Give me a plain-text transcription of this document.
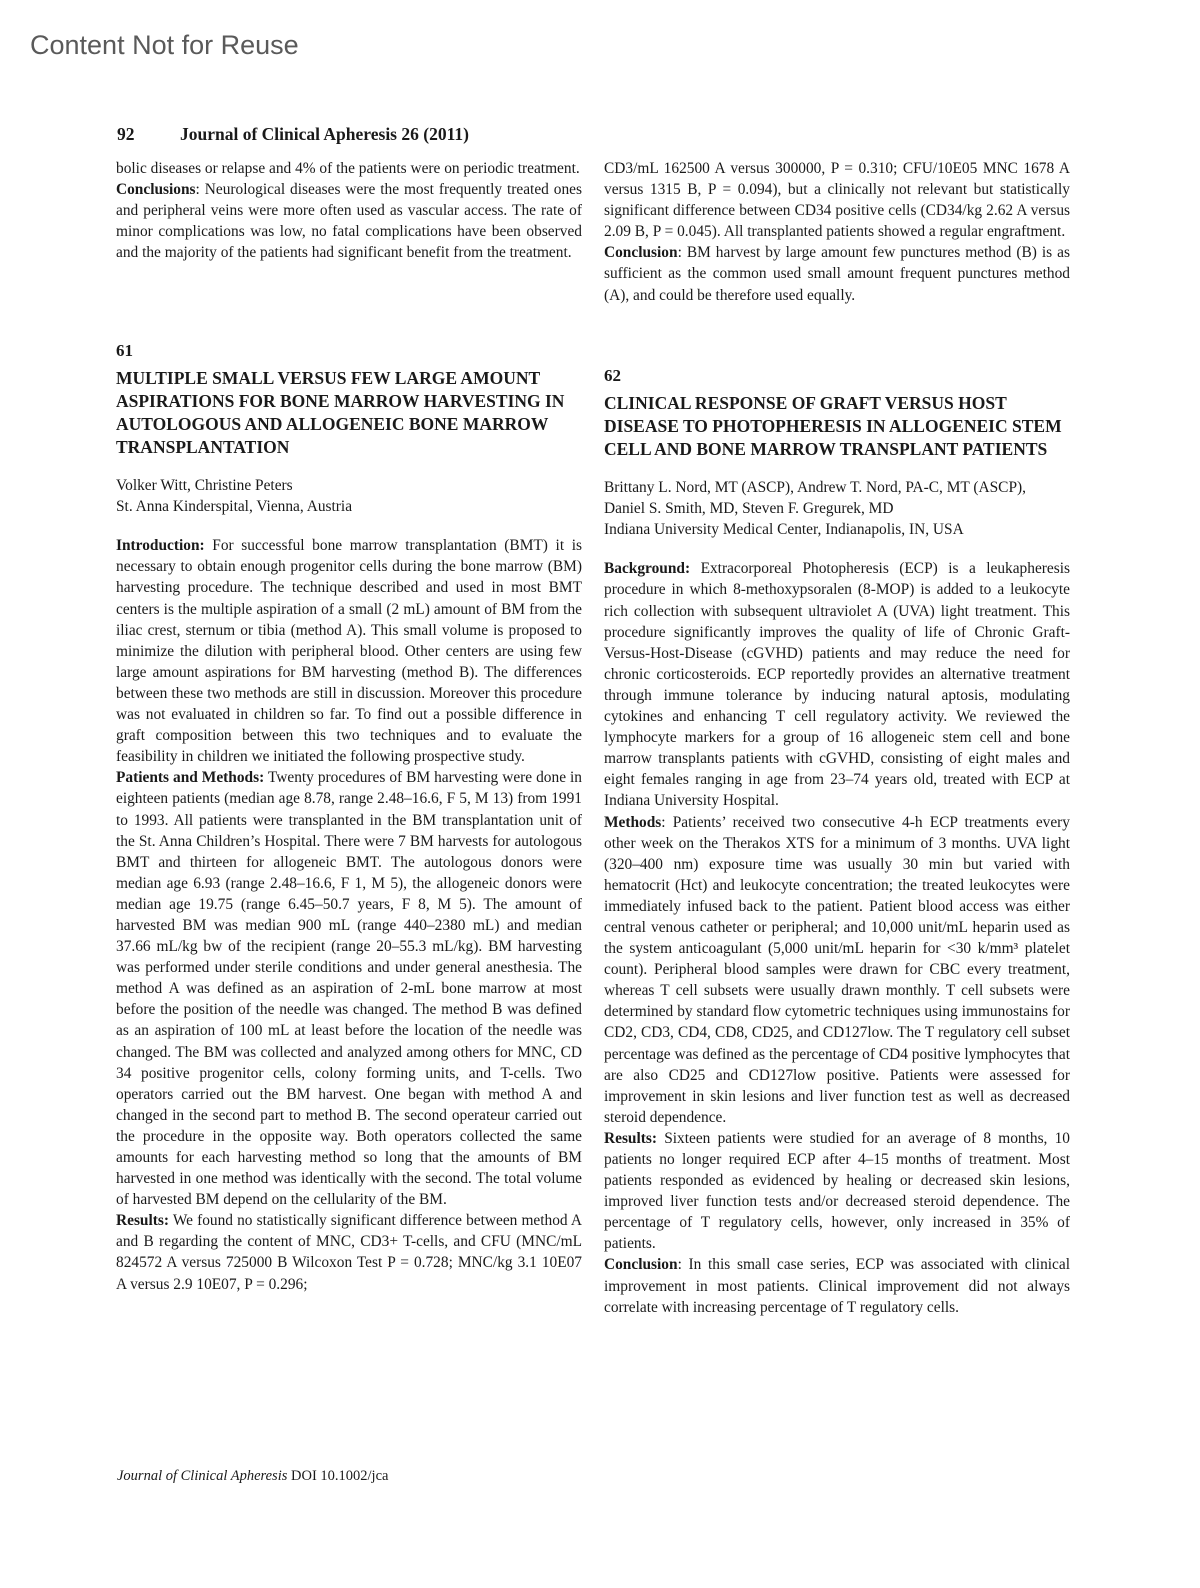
Content Not for Reuse
92	Journal of Clinical Apheresis 26 (2011)

bolic diseases or relapse and 4% of the patients were on periodic treatment.

Conclusions: Neurological diseases were the most frequently treated ones and peripheral veins were more often used as vascular access. The rate of minor complications was low, no fatal complications have been observed and the majority of the patients had significant benefit from the treatment.

61
MULTIPLE SMALL VERSUS FEW LARGE AMOUNT ASPIRATIONS FOR BONE MARROW HARVESTING IN AUTOLOGOUS AND ALLOGENEIC BONE MARROW TRANSPLANTATION
Volker Witt, Christine Peters
St. Anna Kinderspital, Vienna, Austria

Introduction: For successful bone marrow transplantation (BMT) it is necessary to obtain enough progenitor cells during the bone marrow (BM) harvesting procedure. The technique described and used in most BMT centers is the multiple aspiration of a small (2 mL) amount of BM from the iliac crest, sternum or tibia (method A). This small volume is proposed to minimize the dilution with peripheral blood. Other centers are using few large amount aspirations for BM harvesting (method B). The differences between these two methods are still in discussion. Moreover this procedure was not evaluated in children so far. To find out a possible difference in graft composition between this two techniques and to evaluate the feasibility in children we initiated the following prospective study.

Patients and Methods: Twenty procedures of BM harvesting were done in eighteen patients (median age 8.78, range 2.48–16.6, F 5, M 13) from 1991 to 1993. All patients were transplanted in the BM transplantation unit of the St. Anna Children’s Hospital. There were 7 BM harvests for autologous BMT and thirteen for allogeneic BMT. The autologous donors were median age 6.93 (range 2.48–16.6, F 1, M 5), the allogeneic donors were median age 19.75 (range 6.45–50.7 years, F 8, M 5). The amount of harvested BM was median 900 mL (range 440–2380 mL) and median 37.66 mL/kg bw of the recipient (range 20–55.3 mL/kg). BM harvesting was performed under sterile conditions and under general anesthesia. The method A was defined as an aspiration of 2-mL bone marrow at most before the position of the needle was changed. The method B was defined as an aspiration of 100 mL at least before the location of the needle was changed. The BM was collected and analyzed among others for MNC, CD 34 positive progenitor cells, colony forming units, and T-cells. Two operators carried out the BM harvest. One began with method A and changed in the second part to method B. The second operateur carried out the procedure in the opposite way. Both operators collected the same amounts for each harvesting method so long that the amounts of BM harvested in one method was identically with the second. The total volume of harvested BM depend on the cellularity of the BM.

Results: We found no statistically significant difference between method A and B regarding the content of MNC, CD3+ T-cells, and CFU (MNC/mL 824572 A versus 725000 B Wilcoxon Test P = 0.728; MNC/kg 3.1 10E07 A versus 2.9 10E07, P = 0.296;

CD3/mL 162500 A versus 300000, P = 0.310; CFU/10E05 MNC 1678 A versus 1315 B, P = 0.094), but a clinically not relevant but statistically significant difference between CD34 positive cells (CD34/kg 2.62 A versus 2.09 B, P = 0.045). All transplanted patients showed a regular engraftment.

Conclusion: BM harvest by large amount few punctures method (B) is as sufficient as the common used small amount frequent punctures method (A), and could be therefore used equally.

62
CLINICAL RESPONSE OF GRAFT VERSUS HOST DISEASE TO PHOTOPHERESIS IN ALLOGENEIC STEM CELL AND BONE MARROW TRANSPLANT PATIENTS
Brittany L. Nord, MT (ASCP), Andrew T. Nord, PA-C, MT (ASCP), Daniel S. Smith, MD, Steven F. Gregurek, MD
Indiana University Medical Center, Indianapolis, IN, USA

Background: Extracorporeal Photopheresis (ECP) is a leukapheresis procedure in which 8-methoxypsoralen (8-MOP) is added to a leukocyte rich collection with subsequent ultraviolet A (UVA) light treatment. This procedure significantly improves the quality of life of Chronic Graft-Versus-Host-Disease (cGVHD) patients and may reduce the need for chronic corticosteroids. ECP reportedly provides an alternative treatment through immune tolerance by inducing natural aptosis, modulating cytokines and enhancing T cell regulatory activity. We reviewed the lymphocyte markers for a group of 16 allogeneic stem cell and bone marrow transplants patients with cGVHD, consisting of eight males and eight females ranging in age from 23–74 years old, treated with ECP at Indiana University Hospital.

Methods: Patients’ received two consecutive 4-h ECP treatments every other week on the Therakos XTS for a minimum of 3 months. UVA light (320–400 nm) exposure time was usually 30 min but varied with hematocrit (Hct) and leukocyte concentration; the treated leukocytes were immediately infused back to the patient. Patient blood access was either central venous catheter or peripheral; and 10,000 unit/mL heparin used as the system anticoagulant (5,000 unit/mL heparin for <30 k/mm³ platelet count). Peripheral blood samples were drawn for CBC every treatment, whereas T cell subsets were usually drawn monthly. T cell subsets were determined by standard flow cytometric techniques using immunostains for CD2, CD3, CD4, CD8, CD25, and CD127low. The T regulatory cell subset percentage was defined as the percentage of CD4 positive lymphocytes that are also CD25 and CD127low positive. Patients were assessed for improvement in skin lesions and liver function test as well as decreased steroid dependence.

Results: Sixteen patients were studied for an average of 8 months, 10 patients no longer required ECP after 4–15 months of treatment. Most patients responded as evidenced by healing or decreased skin lesions, improved liver function tests and/or decreased steroid dependence. The percentage of T regulatory cells, however, only increased in 35% of patients.

Conclusion: In this small case series, ECP was associated with clinical improvement in most patients. Clinical improvement did not always correlate with increasing percentage of T regulatory cells.

Journal of Clinical Apheresis DOI 10.1002/jca
